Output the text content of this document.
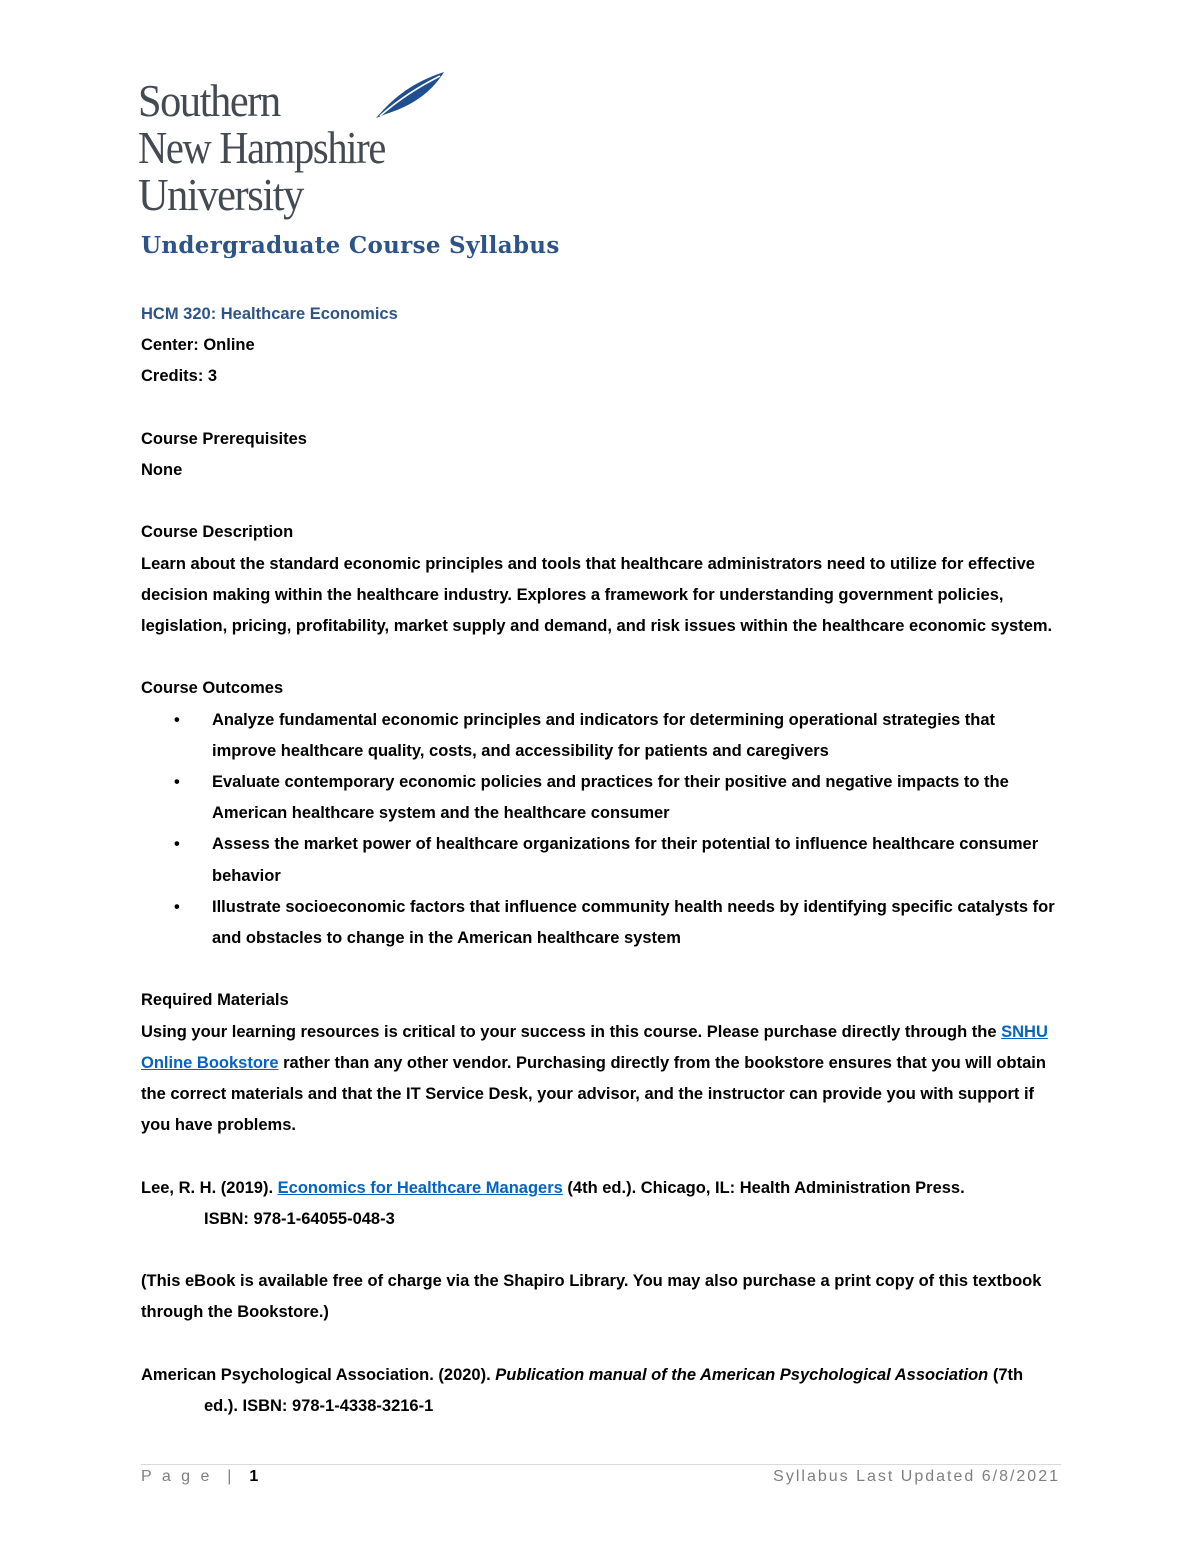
Southern
New Hampshire
University
Undergraduate Course Syllabus

HCM 320: Healthcare Economics

Center: Online

Credits: 3

Course Prerequisites

None

Course Description

Learn about the standard economic principles and tools that healthcare administrators need to utilize for effective decision making within the healthcare industry. Explores a framework for understanding government policies, legislation, pricing, profitability, market supply and demand, and risk issues within the healthcare economic system.

Course Outcomes

• Analyze fundamental economic principles and indicators for determining operational strategies that improve healthcare quality, costs, and accessibility for patients and caregivers
• Evaluate contemporary economic policies and practices for their positive and negative impacts to the American healthcare system and the healthcare consumer
• Assess the market power of healthcare organizations for their potential to influence healthcare consumer behavior
• Illustrate socioeconomic factors that influence community health needs by identifying specific catalysts for and obstacles to change in the American healthcare system

Required Materials

Using your learning resources is critical to your success in this course. Please purchase directly through the SNHU Online Bookstore rather than any other vendor. Purchasing directly from the bookstore ensures that you will obtain the correct materials and that the IT Service Desk, your advisor, and the instructor can provide you with support if you have problems.

Lee, R. H. (2019). Economics for Healthcare Managers (4th ed.). Chicago, IL: Health Administration Press.

ISBN: 978-1-64055-048-3

(This eBook is available free of charge via the Shapiro Library. You may also purchase a print copy of this textbook through the Bookstore.)

American Psychological Association. (2020). Publication manual of the American Psychological Association (7th ed.). ISBN: 978-1-4338-3216-1

P a g e  |  1	Syllabus Last Updated 6/8/2021
